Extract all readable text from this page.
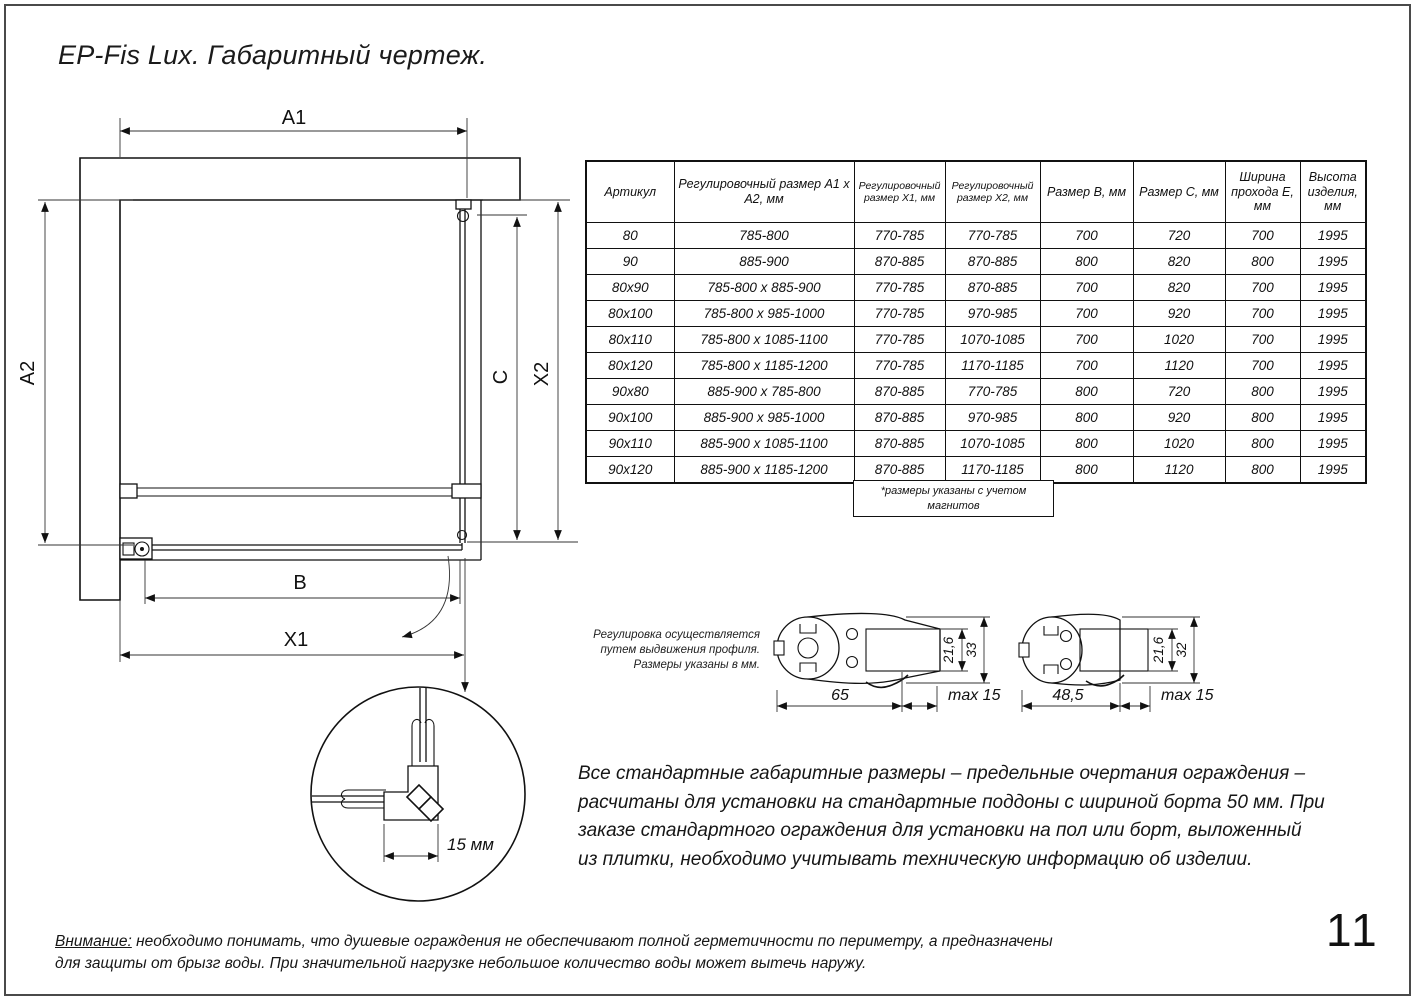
EP-Fis Lux. Габаритный чертеж.
A1
A2	X2
C
B
X1
15 мм
65	max 15
21,6 33
48,5	max 15
21,6 32
Артикул	Регулировочный размер A1 х A2, мм	Регулировочный размер X1, мм	Регулировочный размер X2, мм	Размер B, мм	Размер C, мм	Ширина прохода E, мм	Высота изделия, мм
80	785-800	770-785	770-785	700	720	700	1995
90	885-900	870-885	870-885	800	820	800	1995
80x90	785-800 x 885-900	770-785	870-885	700	820	700	1995
80x100	785-800 x 985-1000	770-785	970-985	700	920	700	1995
80x110	785-800 x 1085-1100	770-785	1070-1085	700	1020	700	1995
80x120	785-800 x 1185-1200	770-785	1170-1185	700	1120	700	1995
90x80	885-900 x 785-800	870-885	770-785	800	720	800	1995
90x100	885-900 x 985-1000	870-885	970-985	800	920	800	1995
90x110	885-900 x 1085-1100	870-885	1070-1085	800	1020	800	1995
90x120	885-900 x 1185-1200	870-885	1170-1185	800	1120	800	1995
*размеры указаны с учетом магнитов
Регулировка осуществляется
путем выдвижения профиля.
Размеры указаны в мм.
Все стандартные габаритные размеры – предельные очертания ограждения –
расчитаны для установки на стандартные поддоны с шириной борта 50 мм. При
заказе стандартного ограждения для установки на пол или борт, выложенный
из плитки, необходимо учитывать техническую информацию об изделии.
Внимание: необходимо понимать, что душевые ограждения не обеспечивают полной герметичности по периметру, а предназначены
для защиты от брызг воды. При значительной нагрузке небольшое количество воды может вытечь наружу.
11
